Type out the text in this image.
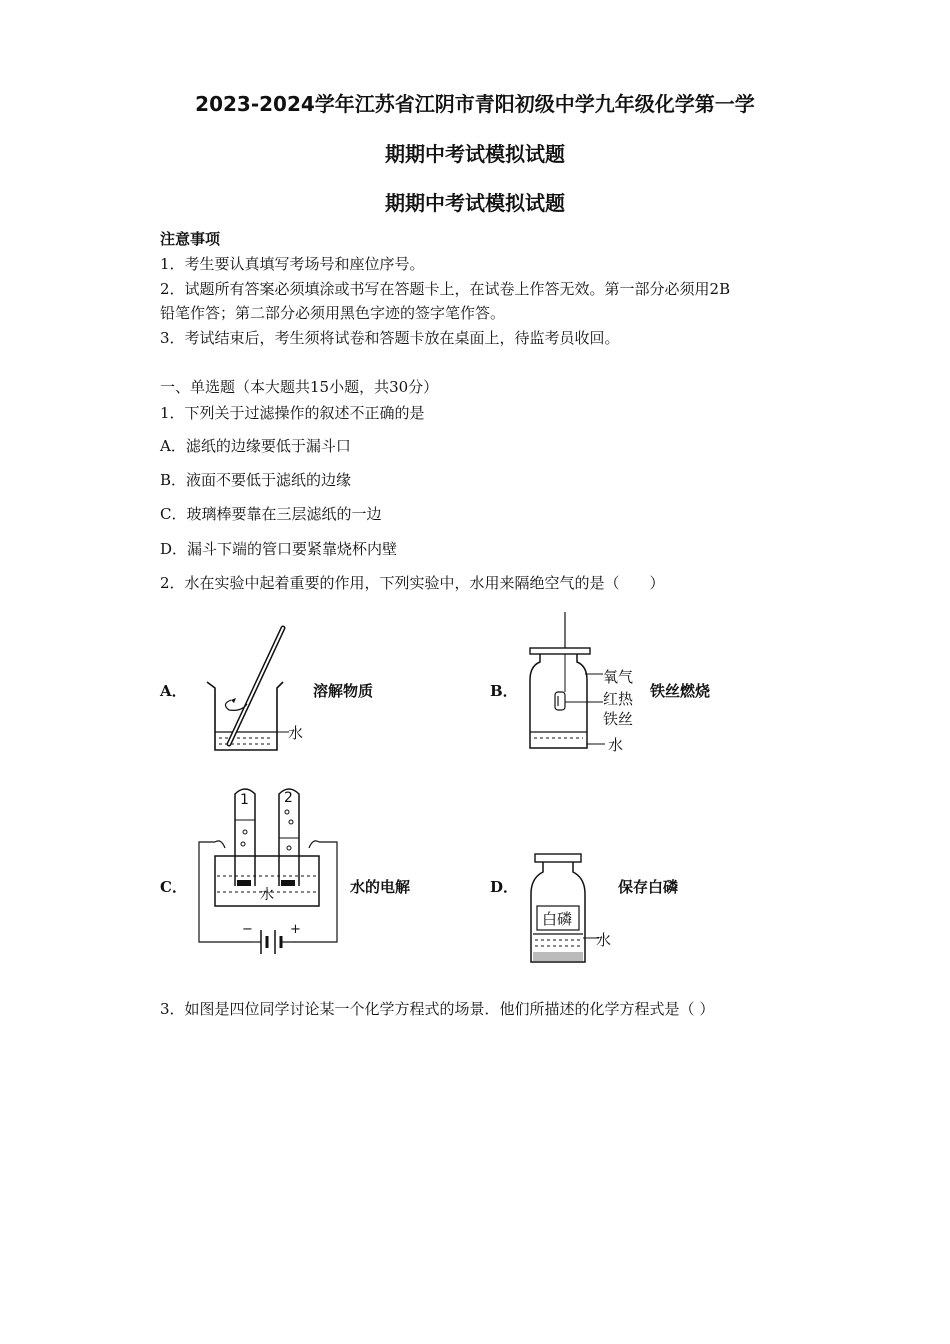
2023-2024学年江苏省江阴市青阳初级中学九年级化学第一学
期期中考试模拟试题
期期中考试模拟试题
注意事项
1．考生要认真填写考场号和座位序号。
2．试题所有答案必须填涂或书写在答题卡上，在试卷上作答无效。第一部分必须用2B
铅笔作答；第二部分必须用黑色字迹的签字笔作答。
3．考试结束后，考生须将试卷和答题卡放在桌面上，待监考员收回。
一、单选题（本大题共15小题，共30分）
1．下列关于过滤操作的叙述不正确的是
A．滤纸的边缘要低于漏斗口
B．液面不要低于滤纸的边缘
C．玻璃棒要靠在三层滤纸的一边
D．漏斗下端的管口要紧靠烧杯内壁
2．水在实验中起着重要的作用，下列实验中，水用来隔绝空气的是（　　）
A．
水
溶解物质	B．
氧气
红热
铁丝
水
铁丝燃烧
C．
1	2
水
−	+
水的电解	D．
白磷
水
保存白磷
3．如图是四位同学讨论某一个化学方程式的场景．他们所描述的化学方程式是（ ）
